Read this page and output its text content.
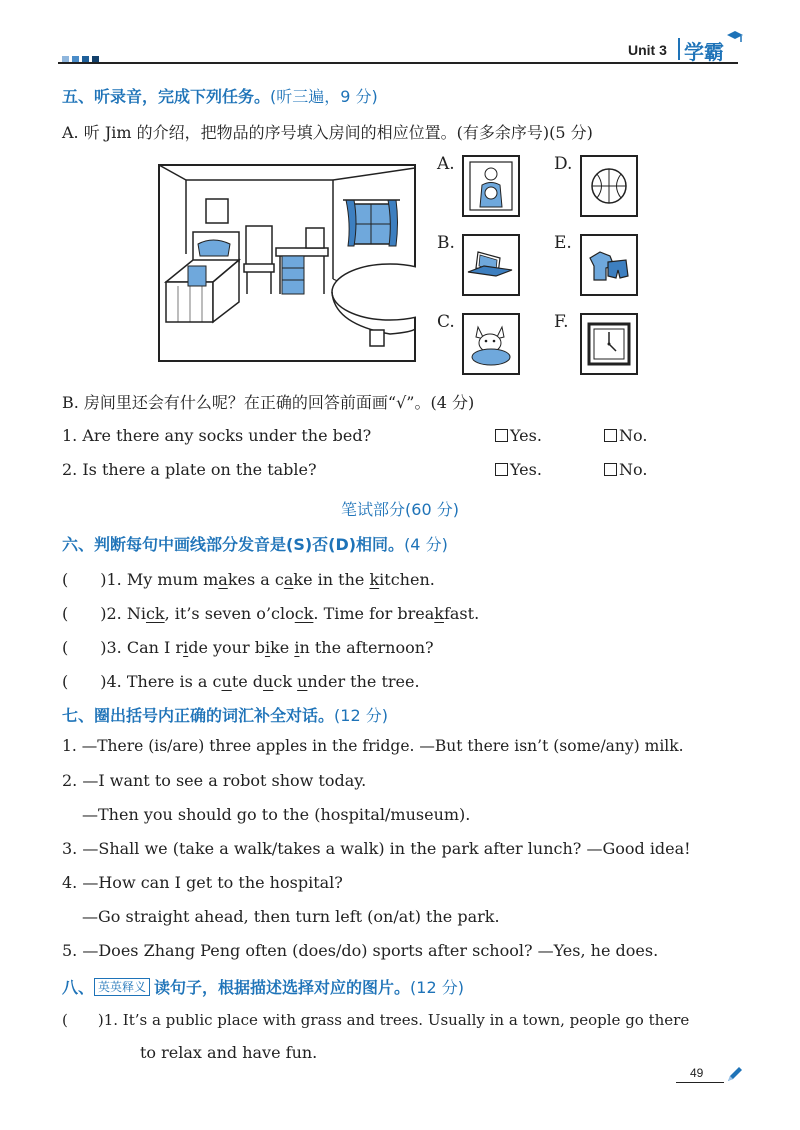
Unit 3 学霸
五、听录音，完成下列任务。(听三遍，9 分)
A. 听 Jim 的介绍，把物品的序号填入房间的相应位置。(有多余序号)(5 分)
A.	D.
B.	E.
C.	F.
B. 房间里还会有什么呢？在正确的回答前面画“√”。(4 分)
1. Are there any socks under the bed?	Yes.	No.
2. Is there a plate on the table?	Yes.	No.
笔试部分(60 分)
六、判断每句中画线部分发音是(S)否(D)相同。(4 分)
(　　)1. My mum makes a cake in the kitchen.
(　　)2. Nick, it’s seven o’clock. Time for breakfast.
(　　)3. Can I ride your bike in the afternoon?
(　　)4. There is a cute duck under the tree.
七、圈出括号内正确的词汇补全对话。(12 分)
1. —There (is/are) three apples in the fridge. —But there isn’t (some/any) milk.
2. —I want to see a robot show today.
—Then you should go to the (hospital/museum).
3. —Shall we (take a walk/takes a walk) in the park after lunch? —Good idea!
4. —How can I get to the hospital?
—Go straight ahead, then turn left (on/at) the park.
5. —Does Zhang Peng often (does/do) sports after school? —Yes, he does.
八、 英英释义 读句子，根据描述选择对应的图片。(12 分)
(　　)1. It’s a public place with grass and trees. Usually in a town, people go there
to relax and have fun.
49
